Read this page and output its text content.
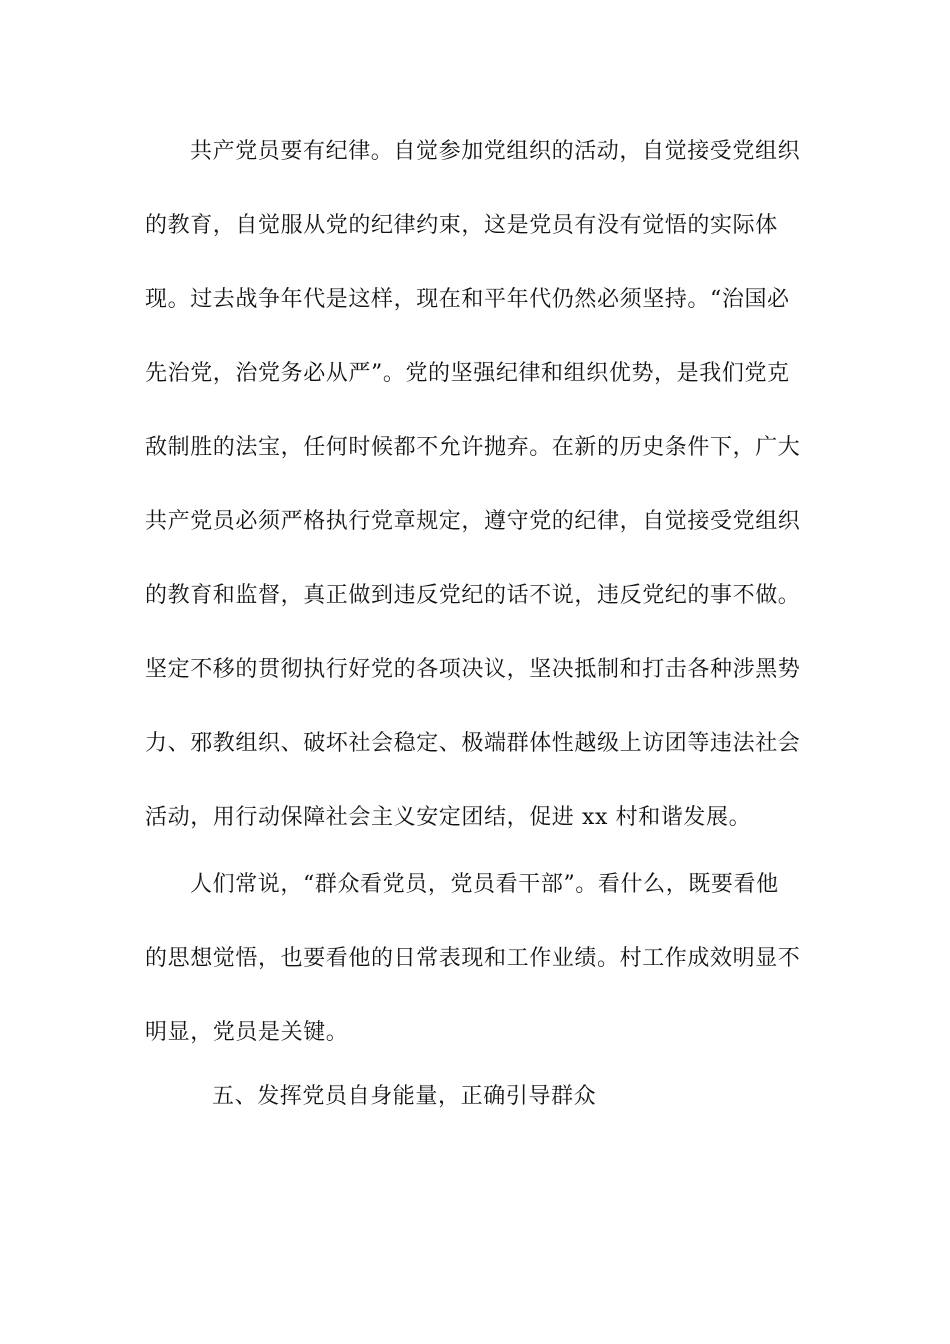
共产党员要有纪律。自觉参加党组织的活动，自觉接受党组织
的教育，自觉服从党的纪律约束，这是党员有没有觉悟的实际体
现。过去战争年代是这样，现在和平年代仍然必须坚持。“治国必
先治党，治党务必从严”。党的坚强纪律和组织优势，是我们党克
敌制胜的法宝，任何时候都不允许抛弃。在新的历史条件下，广大
共产党员必须严格执行党章规定，遵守党的纪律，自觉接受党组织
的教育和监督，真正做到违反党纪的话不说，违反党纪的事不做。
坚定不移的贯彻执行好党的各项决议，坚决抵制和打击各种涉黑势
力、邪教组织、破坏社会稳定、极端群体性越级上访团等违法社会
活动，用行动保障社会主义安定团结，促进 xx 村和谐发展。
人们常说，“群众看党员，党员看干部”。看什么，既要看他
的思想觉悟，也要看他的日常表现和工作业绩。村工作成效明显不
明显，党员是关键。
五、发挥党员自身能量，正确引导群众
